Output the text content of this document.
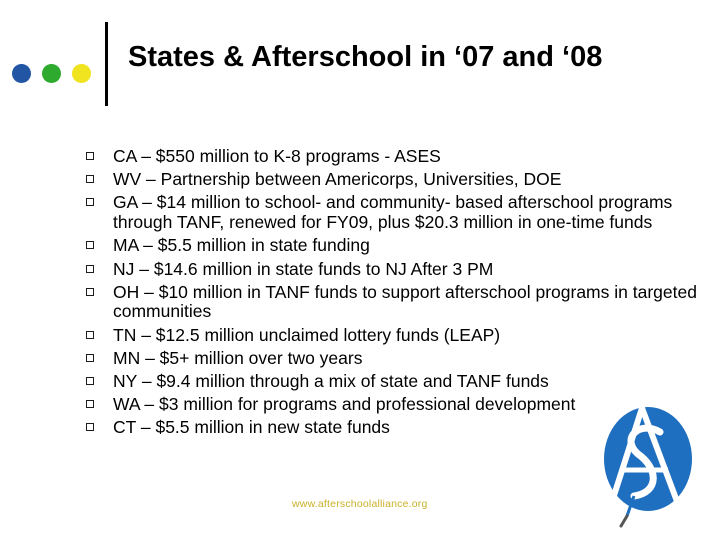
States & Afterschool in ‘07 and ‘08
CA – $550 million to K-8 programs - ASES
WV – Partnership between Americorps, Universities, DOE
GA – $14 million to school- and community- based afterschool programs through TANF, renewed for FY09, plus $20.3 million in one-time funds
MA – $5.5 million in state funding
NJ – $14.6 million in state funds to NJ After 3 PM
OH – $10 million in TANF funds to support afterschool programs in targeted communities
TN – $12.5 million unclaimed lottery funds (LEAP)
MN – $5+ million over two years
NY – $9.4 million through a mix of state and TANF funds
WA – $3 million for programs and professional development
CT – $5.5 million in new state funds
www.afterschoolalliance.org
